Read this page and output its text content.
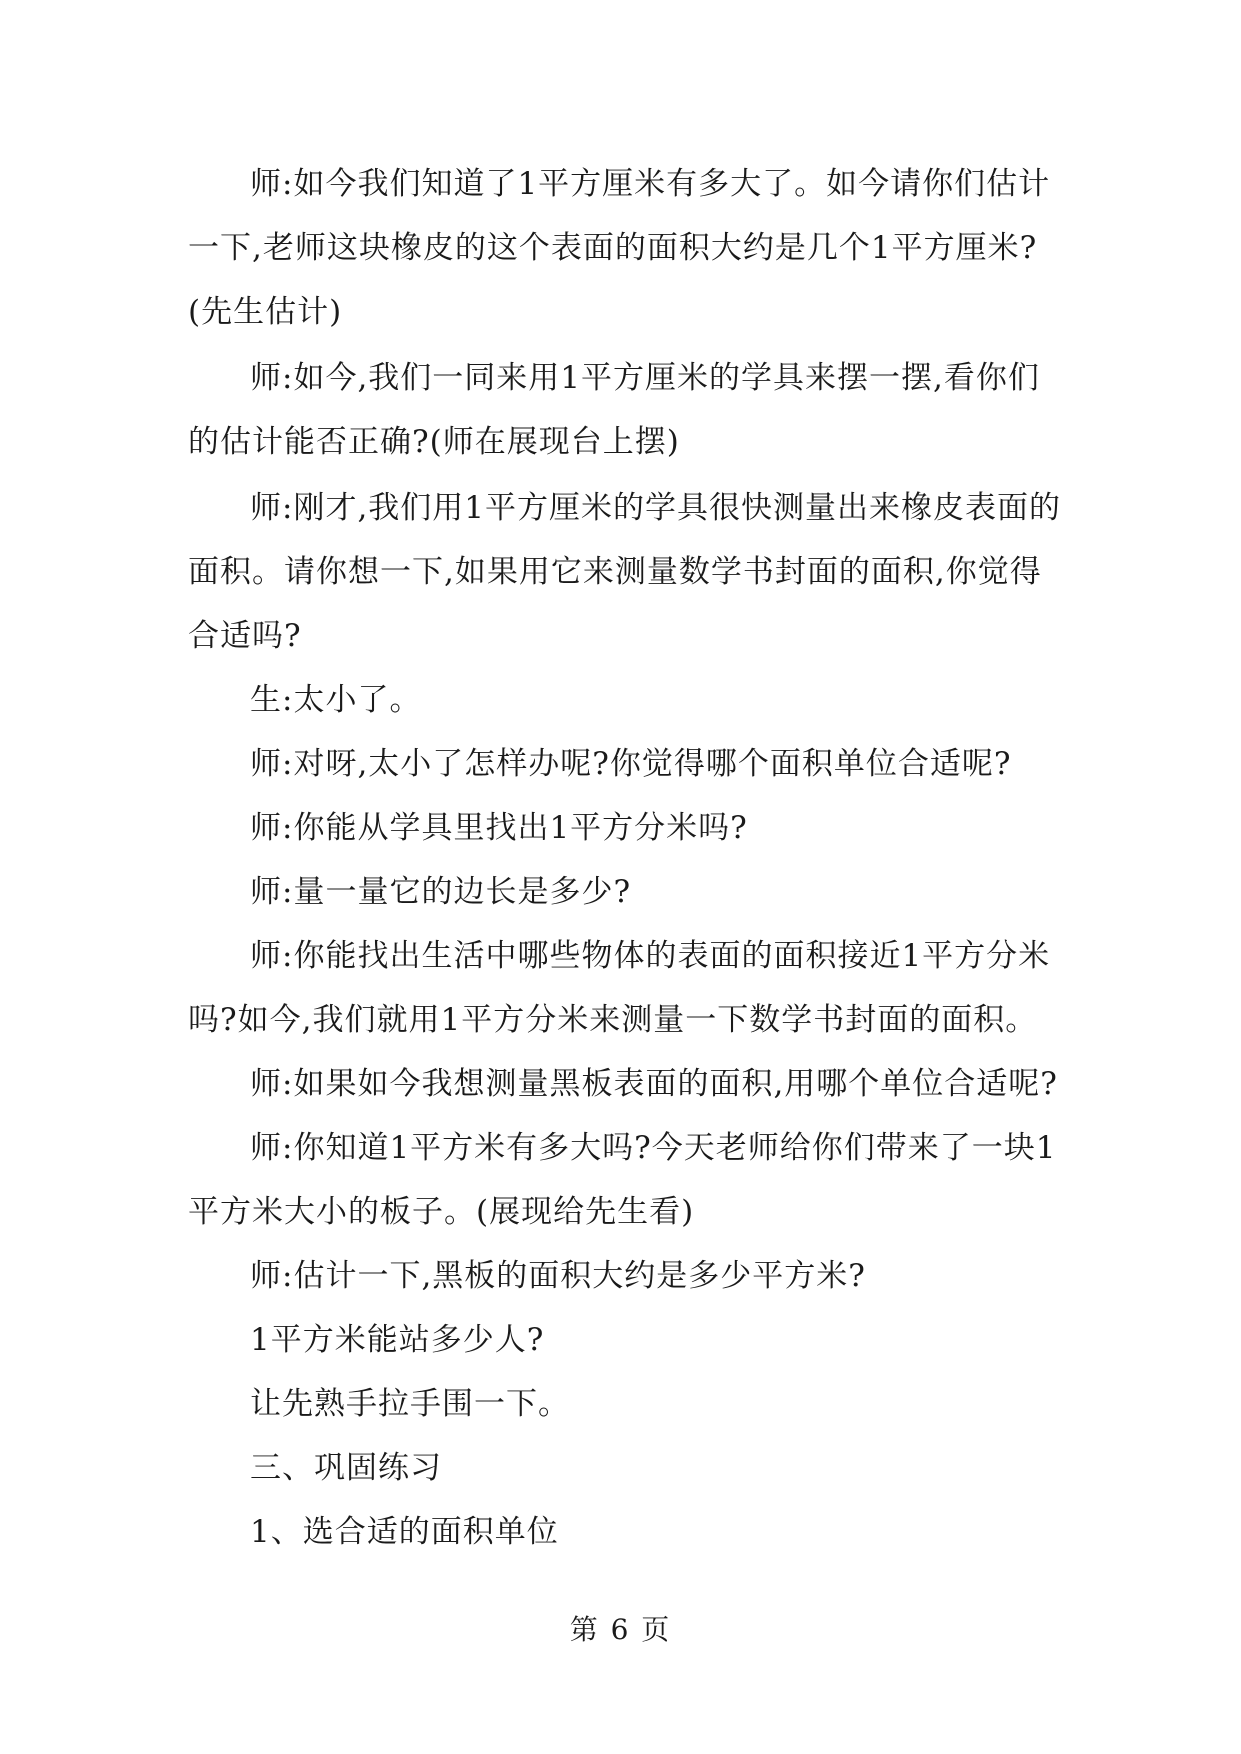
师:如今我们知道了1平方厘米有多大了。如今请你们估计一下,老师这块橡皮的这个表面的面积大约是几个1平方厘米?(先生估计)

师:如今,我们一同来用1平方厘米的学具来摆一摆,看你们的估计能否正确?(师在展现台上摆)

师:刚才,我们用1平方厘米的学具很快测量出来橡皮表面的面积。请你想一下,如果用它来测量数学书封面的面积,你觉得合适吗?

生:太小了。

师:对呀,太小了怎样办呢?你觉得哪个面积单位合适呢?

师:你能从学具里找出1平方分米吗?

师:量一量它的边长是多少?

师:你能找出生活中哪些物体的表面的面积接近1平方分米吗?如今,我们就用1平方分米来测量一下数学书封面的面积。

师:如果如今我想测量黑板表面的面积,用哪个单位合适呢?

师:你知道1平方米有多大吗?今天老师给你们带来了一块1平方米大小的板子。(展现给先生看)

师:估计一下,黑板的面积大约是多少平方米?

1平方米能站多少人?

让先熟手拉手围一下。

三、巩固练习

1、选合适的面积单位

第 6 页
